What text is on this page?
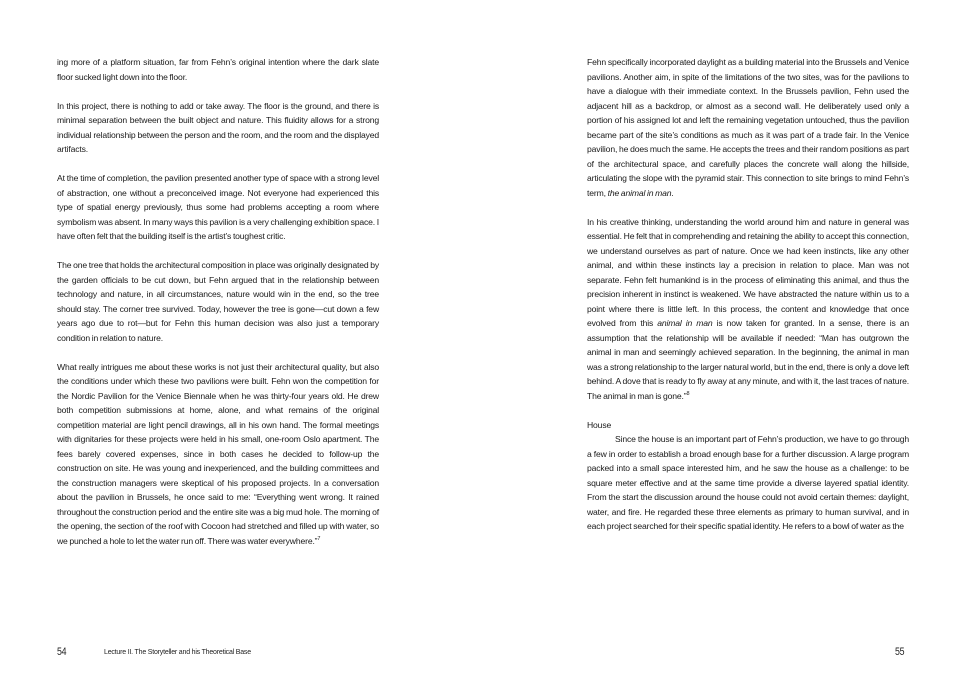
ing more of a platform situation, far from Fehn’s original intention where the dark slate floor sucked light down into the floor.

In this project, there is nothing to add or take away. The floor is the ground, and there is minimal separation between the built object and nature. This fluidity allows for a strong individual relationship between the person and the room, and the room and the displayed artifacts.

At the time of completion, the pavilion presented another type of space with a strong level of abstraction, one without a preconceived image. Not everyone had experienced this type of spatial energy previously, thus some had problems accepting a room where symbolism was absent. In many ways this pavilion is a very challenging exhibition space. I have often felt that the building itself is the artist’s toughest critic.

The one tree that holds the architectural composition in place was originally designated by the garden officials to be cut down, but Fehn argued that in the relationship between technology and nature, in all circumstances, nature would win in the end, so the tree should stay. The corner tree survived. Today, however the tree is gone—cut down a few years ago due to rot—but for Fehn this human decision was also just a temporary condition in relation to nature.

What really intrigues me about these works is not just their architectural quality, but also the conditions under which these two pavilions were built. Fehn won the competition for the Nordic Pavilion for the Venice Biennale when he was thirty-four years old. He drew both competition submissions at home, alone, and what remains of the original competition material are light pencil drawings, all in his own hand. The formal meetings with dignitaries for these projects were held in his small, one-room Oslo apartment. The fees barely covered expenses, since in both cases he decided to follow-up the construction on site. He was young and inexperienced, and the building committees and the construction managers were skeptical of his proposed projects. In a conversation about the pavilion in Brussels, he once said to me: “Everything went wrong. It rained throughout the construction period and the entire site was a big mud hole. The morning of the opening, the section of the roof with Cocoon had stretched and filled up with water, so we punched a hole to let the water run off. There was water everywhere.”$^7$

54	Lecture II. The Storyteller and his Theoretical Base

Fehn specifically incorporated daylight as a building material into the Brussels and Venice pavilions. Another aim, in spite of the limitations of the two sites, was for the pavilions to have a dialogue with their immediate context. In the Brussels pavilion, Fehn used the adjacent hill as a backdrop, or almost as a second wall. He deliberately used only a portion of his assigned lot and left the remaining vegetation untouched, thus the pavilion became part of the site’s conditions as much as it was part of a trade fair. In the Venice pavilion, he does much the same. He accepts the trees and their random positions as part of the architectural space, and carefully places the concrete wall along the hillside, articulating the slope with the pyramid stair. This connection to site brings to mind Fehn’s term, the animal in man.

In his creative thinking, understanding the world around him and nature in general was essential. He felt that in comprehending and retaining the ability to accept this connection, we understand ourselves as part of nature. Once we had keen instincts, like any other animal, and within these instincts lay a precision in relation to place. Man was not separate. Fehn felt humankind is in the process of eliminating this animal, and thus the precision inherent in instinct is weakened. We have abstracted the nature within us to a point where there is little left. In this process, the content and knowledge that once evolved from this animal in man is now taken for granted. In a sense, there is an assumption that the relationship will be available if needed: “Man has outgrown the animal in man and seemingly achieved separation. In the beginning, the animal in man was a strong relationship to the larger natural world, but in the end, there is only a dove left behind. A dove that is ready to fly away at any minute, and with it, the last traces of nature. The animal in man is gone.”$^8$

House

Since the house is an important part of Fehn’s production, we have to go through a few in order to establish a broad enough base for a further discussion. A large program packed into a small space interested him, and he saw the house as a challenge: to be square meter effective and at the same time provide a diverse layered spatial identity. From the start the discussion around the house could not avoid certain themes: daylight, water, and fire. He regarded these three elements as primary to human survival, and in each project searched for their specific spatial identity. He refers to a bowl of water as the

55
